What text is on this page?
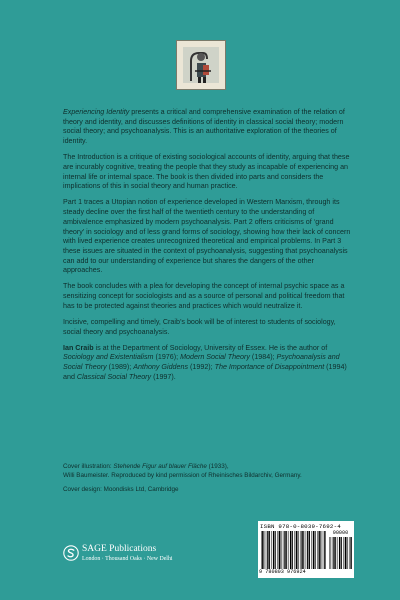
Experiencing Identity presents a critical and comprehensive examination of the relation of theory and identity, and discusses definitions of identity in classical social theory; modern social theory; and psychoanalysis. This is an authoritative exploration of the theories of identity.

The Introduction is a critique of existing sociological accounts of identity, arguing that these are incurably cognitive, treating the people that they study as incapable of experiencing an internal life or internal space. The book is then divided into parts and considers the implications of this in social theory and human practice.

Part 1 traces a Utopian notion of experience developed in Western Marxism, through its steady decline over the first half of the twentieth century to the understanding of ambivalence emphasized by modern psychoanalysis. Part 2 offers criticisms of ‘grand theory’ in sociology and of less grand forms of sociology, showing how their lack of concern with lived experience creates unrecognized theoretical and empirical problems. In Part 3 these issues are situated in the context of psychoanalysis, suggesting that psychoanalysis can add to our understanding of experience but shares the dangers of the other approaches.

The book concludes with a plea for developing the concept of internal psychic space as a sensitizing concept for sociologists and as a source of personal and political freedom that has to be protected against theories and practices which would neutralize it.

Incisive, compelling and timely, Craib’s book will be of interest to students of sociology, social theory and psychoanalysis.

Ian Craib is at the Department of Sociology, University of Essex. He is the author of Sociology and Existentialism (1976); Modern Social Theory (1984); Psychoanalysis and Social Theory (1989); Anthony Giddens (1992); The Importance of Disappointment (1994) and Classical Social Theory (1997).

Cover illustration: Stehende Figur auf blauer Fläche (1933),
Willi Baumeister. Reproduced by kind permission of Rheinisches Bildarchiv, Germany.

Cover design: Moondisks Ltd, Cambridge

SAGE Publications
London · Thousand Oaks · New Delhi
ISBN 978-0-8039-7692-4
90000
9 780803 976924
